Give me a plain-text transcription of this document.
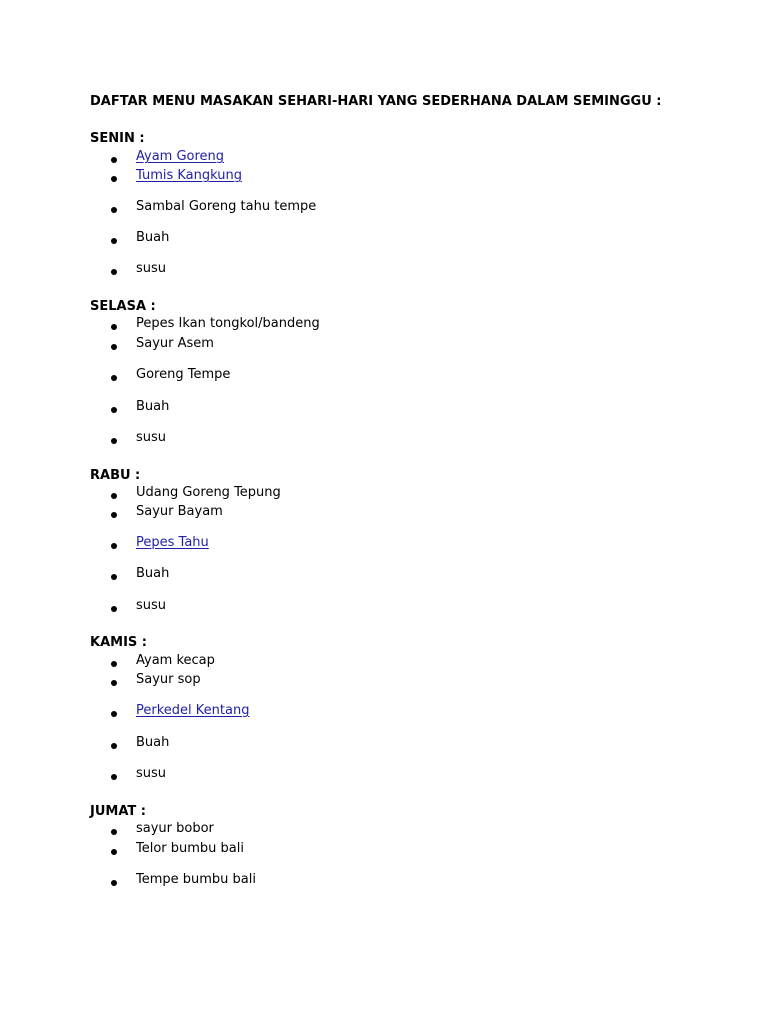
DAFTAR MENU MASAKAN SEHARI-HARI YANG SEDERHANA DALAM SEMINGGU :
SENIN :
Ayam Goreng
Tumis Kangkung
Sambal Goreng tahu tempe
Buah
susu
SELASA :
Pepes Ikan tongkol/bandeng
Sayur Asem
Goreng Tempe
Buah
susu
RABU :
Udang Goreng Tepung
Sayur Bayam
Pepes Tahu
Buah
susu
KAMIS :
Ayam kecap
Sayur sop
Perkedel Kentang
Buah
susu
JUMAT :
sayur bobor
Telor bumbu bali
Tempe bumbu bali
